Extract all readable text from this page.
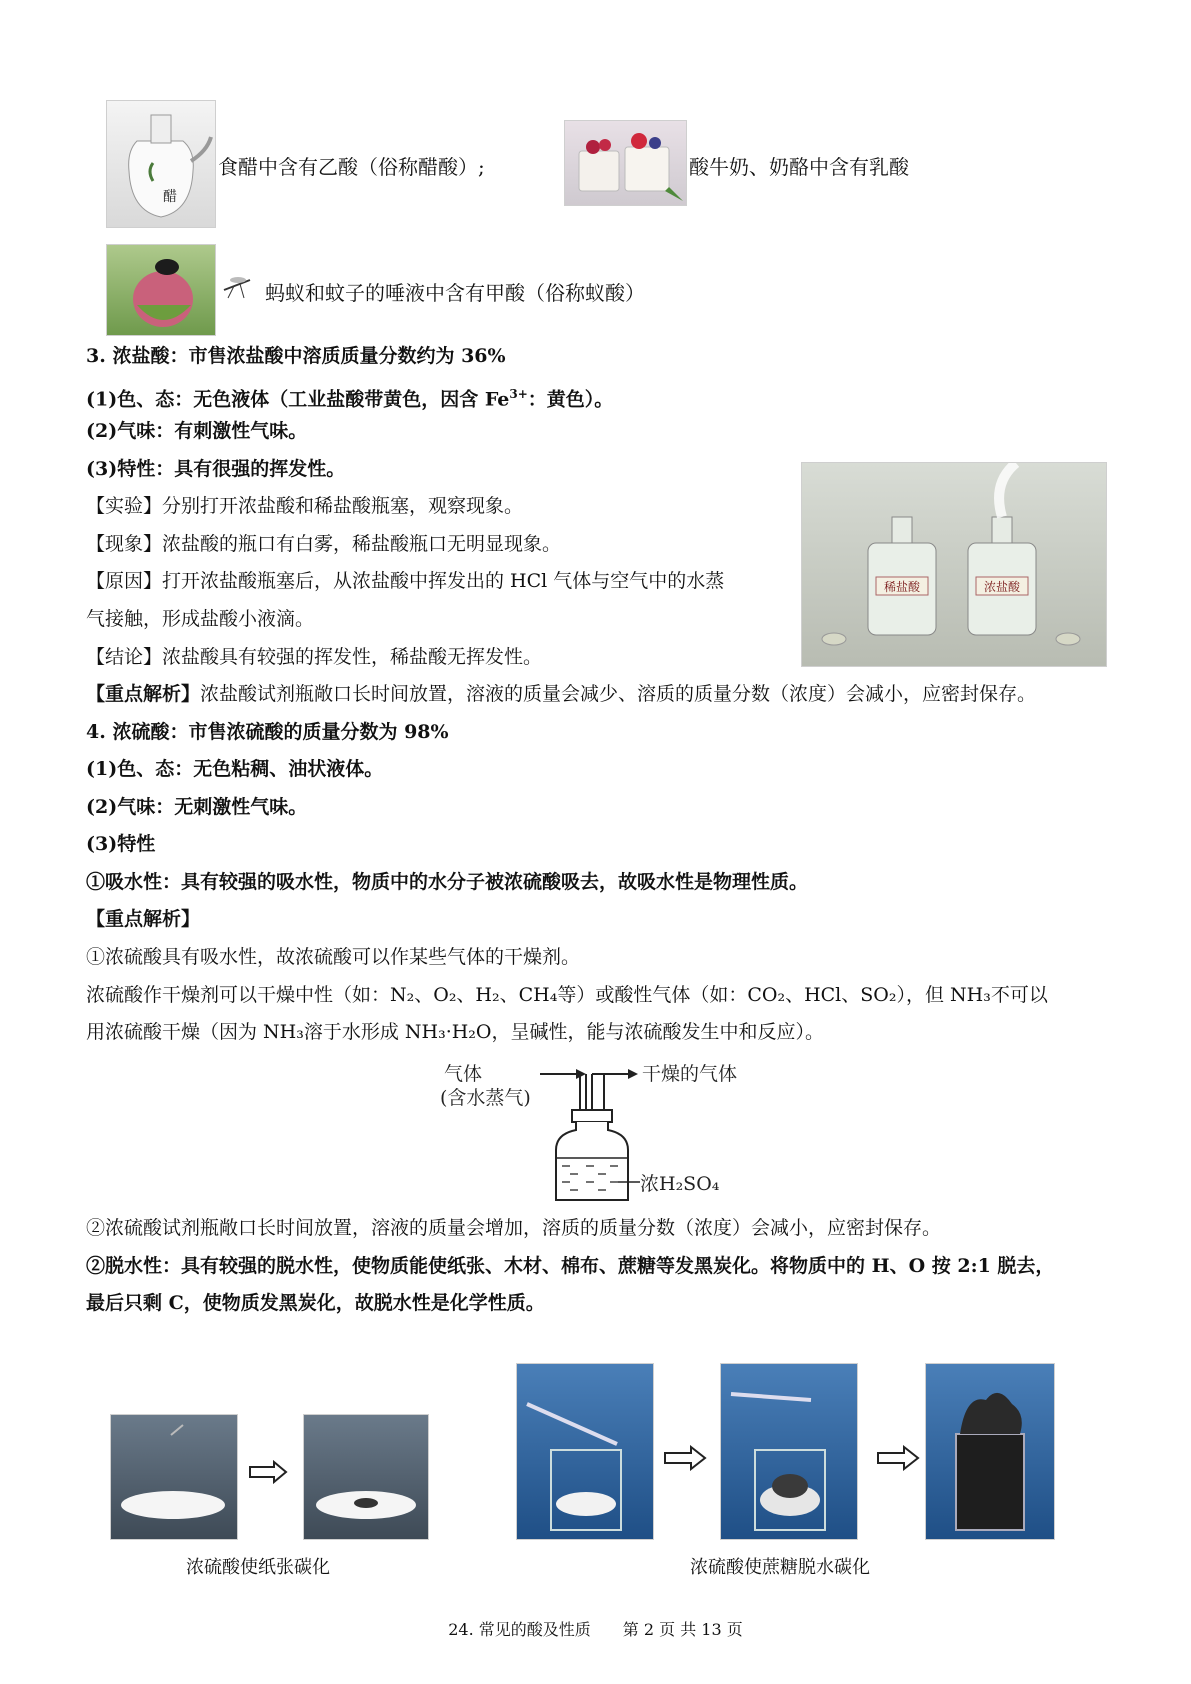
醋
食醋中含有乙酸（俗称醋酸）;	酸牛奶、奶酪中含有乳酸
蚂蚁和蚊子的唾液中含有甲酸（俗称蚁酸）
3. 浓盐酸：市售浓盐酸中溶质质量分数约为 36%
(1)色、态：无色液体（工业盐酸带黄色，因含 $Fe^{3+}$：黄色）。
(2)气味：有刺激性气味。
(3)特性：具有很强的挥发性。
【实验】分别打开浓盐酸和稀盐酸瓶塞，观察现象。
【现象】浓盐酸的瓶口有白雾，稀盐酸瓶口无明显现象。
【原因】打开浓盐酸瓶塞后，从浓盐酸中挥发出的 HCl 气体与空气中的水蒸
气接触，形成盐酸小液滴。
【结论】浓盐酸具有较强的挥发性，稀盐酸无挥发性。
【重点解析】浓盐酸试剂瓶敞口长时间放置，溶液的质量会减少、溶质的质量分数（浓度）会减小，应密封保存。
稀盐酸	浓盐酸
4. 浓硫酸：市售浓硫酸的质量分数为 98%
(1)色、态：无色粘稠、油状液体。
(2)气味：无刺激性气味。
(3)特性
①吸水性：具有较强的吸水性，物质中的水分子被浓硫酸吸去，故吸水性是物理性质。
【重点解析】
①浓硫酸具有吸水性，故浓硫酸可以作某些气体的干燥剂。
浓硫酸作干燥剂可以干燥中性（如：N₂、O₂、H₂、CH₄等）或酸性气体（如：CO₂、HCl、SO₂），但 NH₃不可以
用浓硫酸干燥（因为 NH₃溶于水形成 NH₃·H₂O，呈碱性，能与浓硫酸发生中和反应）。
气体
(含水蒸气)
干燥的气体
浓H₂SO₄
②浓硫酸试剂瓶敞口长时间放置，溶液的质量会增加，溶质的质量分数（浓度）会减小，应密封保存。
②脱水性：具有较强的脱水性，使物质能使纸张、木材、棉布、蔗糖等发黑炭化。将物质中的 H、O 按 2:1 脱去，
最后只剩 C，使物质发黑炭化，故脱水性是化学性质。
浓硫酸使纸张碳化	浓硫酸使蔗糖脱水碳化
24. 常见的酸及性质　　第 2 页 共 13 页
